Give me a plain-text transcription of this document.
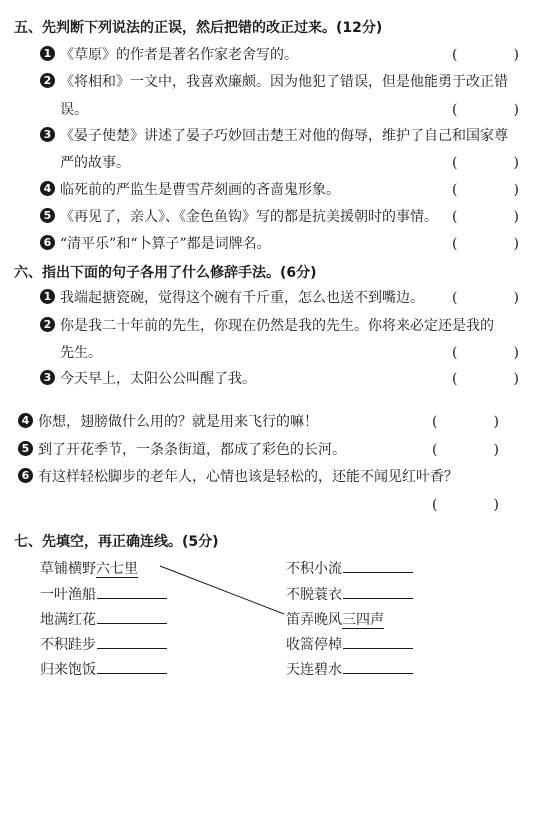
五、先判断下列说法的正误，然后把错的改正过来。(12分)
1 《草原》的作者是著名作家老舍写的。	(　　　　)
2 《将相和》一文中，我喜欢廉颇。因为他犯了错误，但是他能勇于改正错
误。	(　　　　)
3 《晏子使楚》讲述了晏子巧妙回击楚王对他的侮辱，维护了自己和国家尊
严的故事。	(　　　　)
4 临死前的严监生是曹雪芹刻画的吝啬鬼形象。	(　　　　)
5 《再见了，亲人》、《金色鱼钩》写的都是抗美援朝时的事情。 (　　　　)
6 “清平乐”和“卜算子”都是词牌名。	(　　　　)
六、指出下面的句子各用了什么修辞手法。(6分)
1 我端起搪瓷碗，觉得这个碗有千斤重，怎么也送不到嘴边。 (　　　　)
2 你是我二十年前的先生，你现在仍然是我的先生。你将来必定还是我的
先生。	(　　　　)
3 今天早上，太阳公公叫醒了我。	(　　　　)
4 你想，翅膀做什么用的？就是用来飞行的嘛！	(　　　　)
5 到了开花季节，一条条街道，都成了彩色的长河。	(　　　　)
6 有这样轻松脚步的老年人，心情也该是轻松的，还能不闻见红叶香？
(　　　　)
七、先填空，再正确连线。(5分)
草铺横野六七里
一叶渔船
地满红花
不积跬步
归来饱饭
不积小流
不脱蓑衣
笛弄晚风三四声
收篙停棹
天连碧水
